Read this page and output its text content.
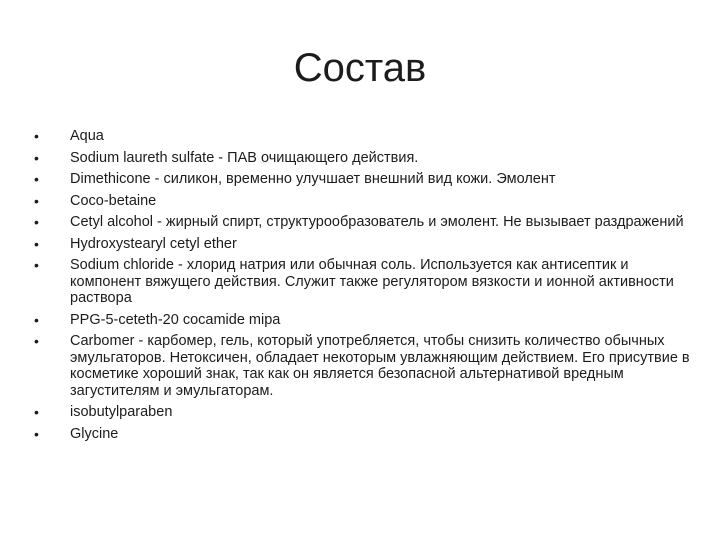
Состав
•	Aqua
•	Sodium laureth sulfate - ПАВ очищающего действия.
•	Dimethicone - силикон, временно улучшает внешний вид кожи. Эмолент
•	Coco-betaine
•	Cetyl alcohol - жирный спирт, структурообразователь и эмолент. Не вызывает раздражений
•	Hydroxystearyl cetyl ether
•	Sodium chloride - хлорид натрия или обычная соль. Используется как антисептик и компонент вяжущего действия. Служит также регулятором вязкости и ионной активности раствора
•	PPG-5-ceteth-20 cocamide mipa
•	Carbomer - карбомер, гель, который употребляется, чтобы снизить количество обычных эмульгаторов. Нетоксичен, обладает некоторым увлажняющим действием. Его присутвие в косметике хороший знак, так как он является безопасной альтернативой вредным загустителям и эмульгаторам.
•	isobutylparaben
•	Glycine
